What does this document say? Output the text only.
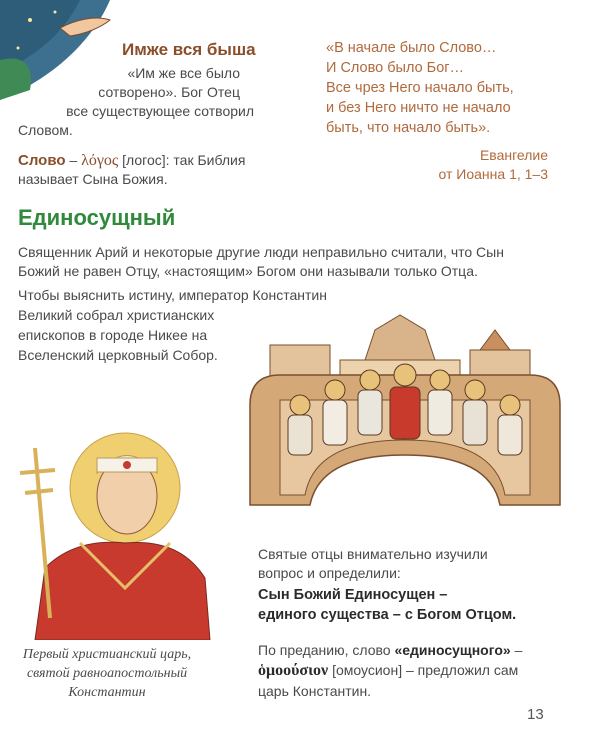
Имже вся быша
«Им же все было
сотворено». Бог Отец
все существующее сотворил
Словом.
«В начале было Слово…
И Слово было Бог…
Все чрез Него начало быть,
и без Него ничто не начало
быть, что начало быть».
Евангелие
от Иоанна 1, 1–3
Слово – λόγος [логос]: так Библия
называет Сына Божия.
Единосущный
Священник Арий и некоторые другие люди неправильно считали, что Сын
Божий не равен Отцу, «настоящим» Богом они называли только Отца.
Чтобы выяснить истину, император Константин
Великий собрал христианских
епископов в городе Никее на
Вселенский церковный Собор.
Первый христианский царь,
святой равноапостольный
Константин
Святые отцы внимательно изучили
вопрос и определили:
Сын Божий Единосущен –
единого существа – с Богом Отцом.
По преданию, слово «единосущного» –
ὁμοούσιον [омоусион] – предложил сам
царь Константин.
13
